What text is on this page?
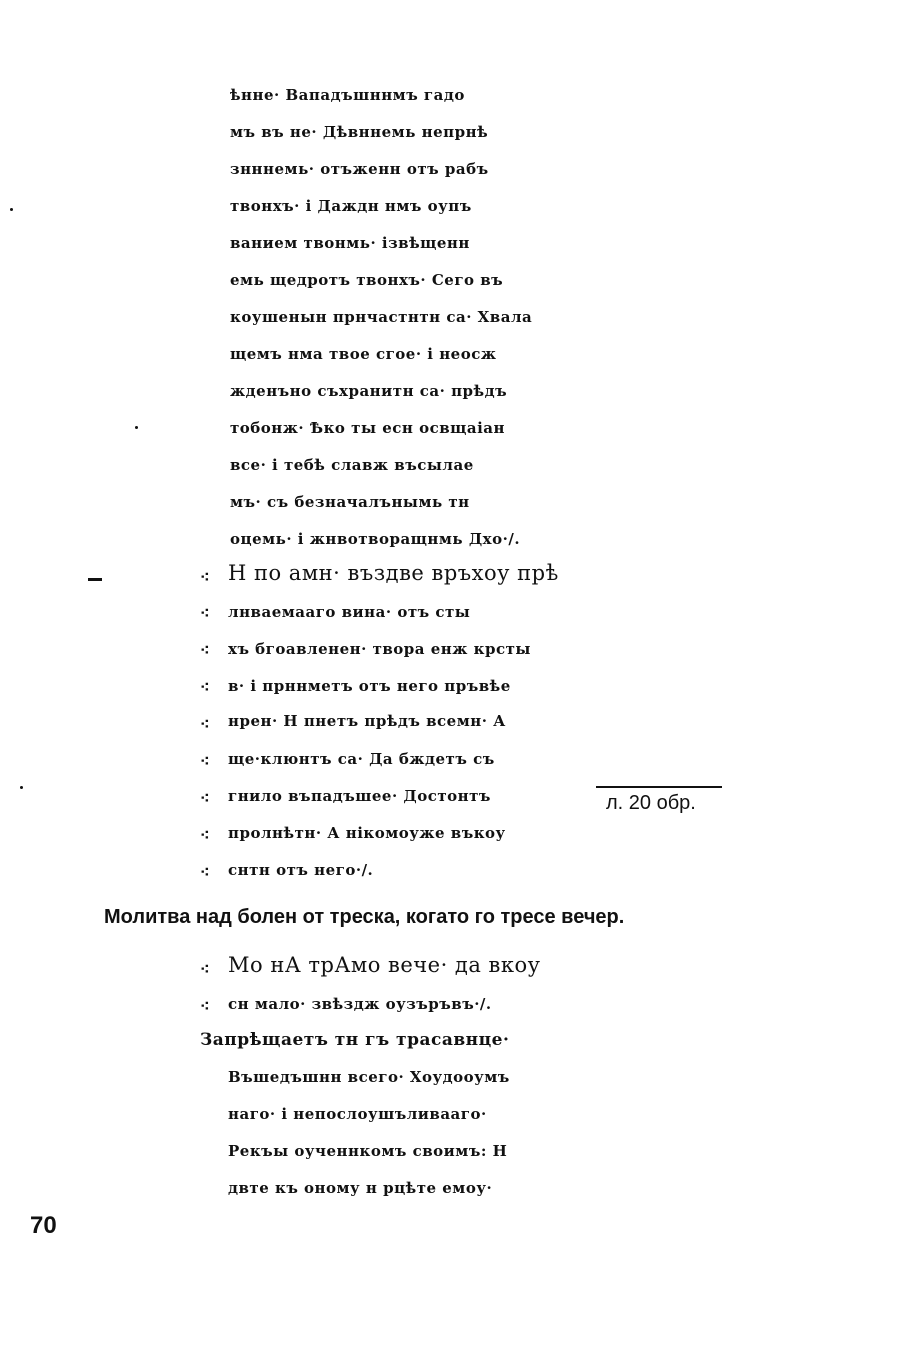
ѣнне· Вападъшннмъ гадо
мъ въ не· Дѣвннемь непрнѣ
знннемь· отъженн отъ рабъ
твонхъ· і Даждн нмъ оупъ
ванием твонмь· ізвѣщенн
емь щедротъ твонхъ· Сего въ
коушенын прнчастнтн са· Хвала
щемъ нма твое сгое· і неосж
жденъно съхранитн са· прѣдъ
тобонж· Ѣко ты есн освщаіан
все· і тебѣ славж въсылае
мъ· съ безначалънымь тн
оцемь· і жнвотворащнмь Дхо·/.
⁖ Н по амн· въздве връхоу прѣ
⁖ лнваемааго вина· отъ сты
⁖ хъ бгоавленен· твора енж крсты
⁖ в· і прннметъ отъ него пръвѣе
⁖ нрен· Н пнетъ прѣдъ всемн· А
⁖ ще·клюнтъ са· Да бждетъ съ
⁖ гнило въпадъшее· Достонтъ	л. 20 обр.
⁖ пролнѣтн· А нікомоуже въкоу
⁖ снтн отъ него·/.
Молитва над болен от треска, когато го тресе вечер.
⁖ Мо нА трАмо вече· да вкоу
⁖ сн мало· звѣздж оузъръвъ·/.
Запрѣщаетъ тн гъ трасавнце·
Въшедъшнн всего· Хоудооумъ
наго· і непослоушъливааго·
Рекъы оученнкомъ своимъ: Н
двте къ оному н рцѣте емоу·
70
